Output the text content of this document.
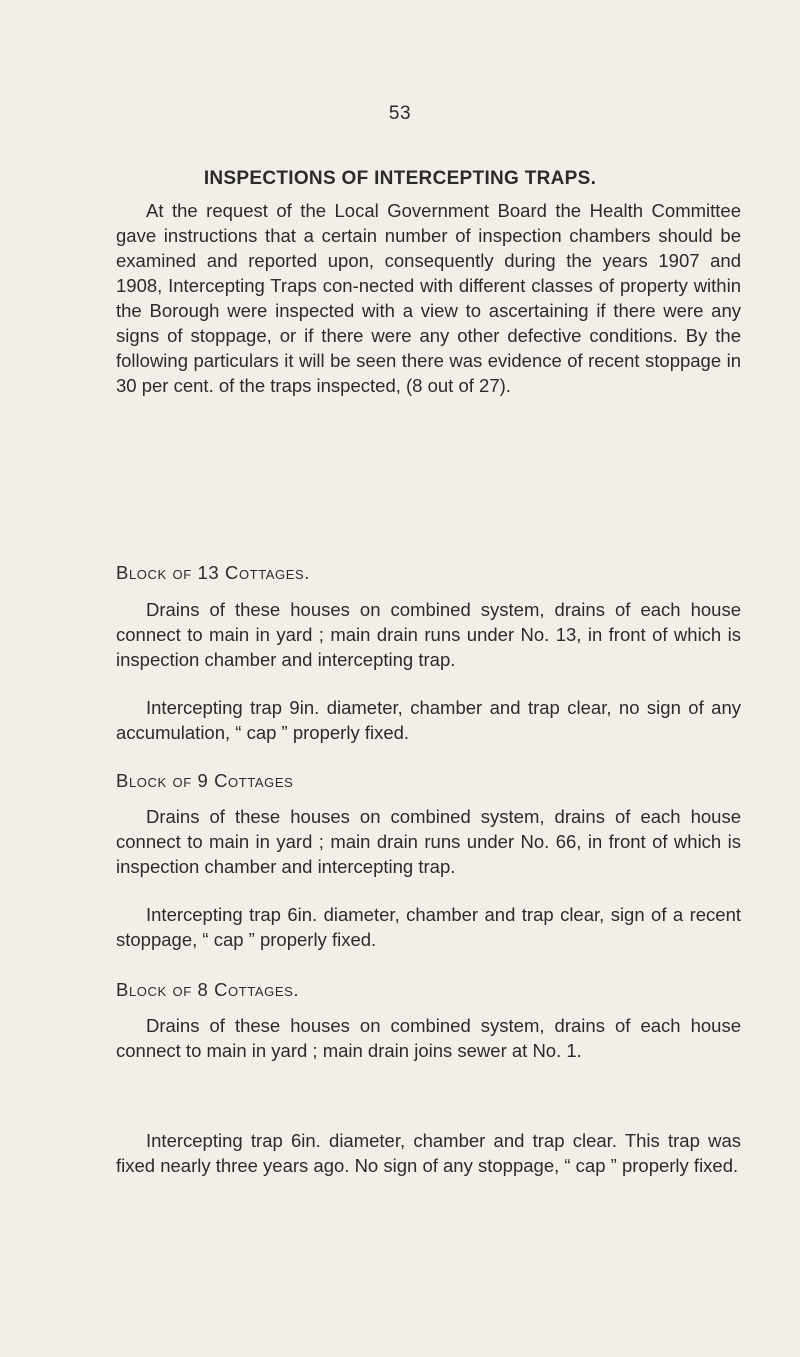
53
INSPECTIONS OF INTERCEPTING TRAPS.

At the request of the Local Government Board the Health Committee gave instructions that a certain number of inspection chambers should be examined and reported upon, consequently during the years 1907 and 1908, Intercepting Traps con-nected with different classes of property within the Borough were inspected with a view to ascertaining if there were any signs of stoppage, or if there were any other defective conditions. By the following particulars it will be seen there was evidence of recent stoppage in 30 per cent. of the traps inspected, (8 out of 27).

Block of 13 Cottages.

Drains of these houses on combined system, drains of each house connect to main in yard ; main drain runs under No. 13, in front of which is inspection chamber and intercepting trap.

Intercepting trap 9in. diameter, chamber and trap clear, no sign of any accumulation, “ cap ” properly fixed.

Block of 9 Cottages

Drains of these houses on combined system, drains of each house connect to main in yard ; main drain runs under No. 66, in front of which is inspection chamber and intercepting trap.

Intercepting trap 6in. diameter, chamber and trap clear, sign of a recent stoppage, “ cap ” properly fixed.

Block of 8 Cottages.

Drains of these houses on combined system, drains of each house connect to main in yard ; main drain joins sewer at No. 1.

Intercepting trap 6in. diameter, chamber and trap clear. This trap was fixed nearly three years ago. No sign of any stoppage, “ cap ” properly fixed.
